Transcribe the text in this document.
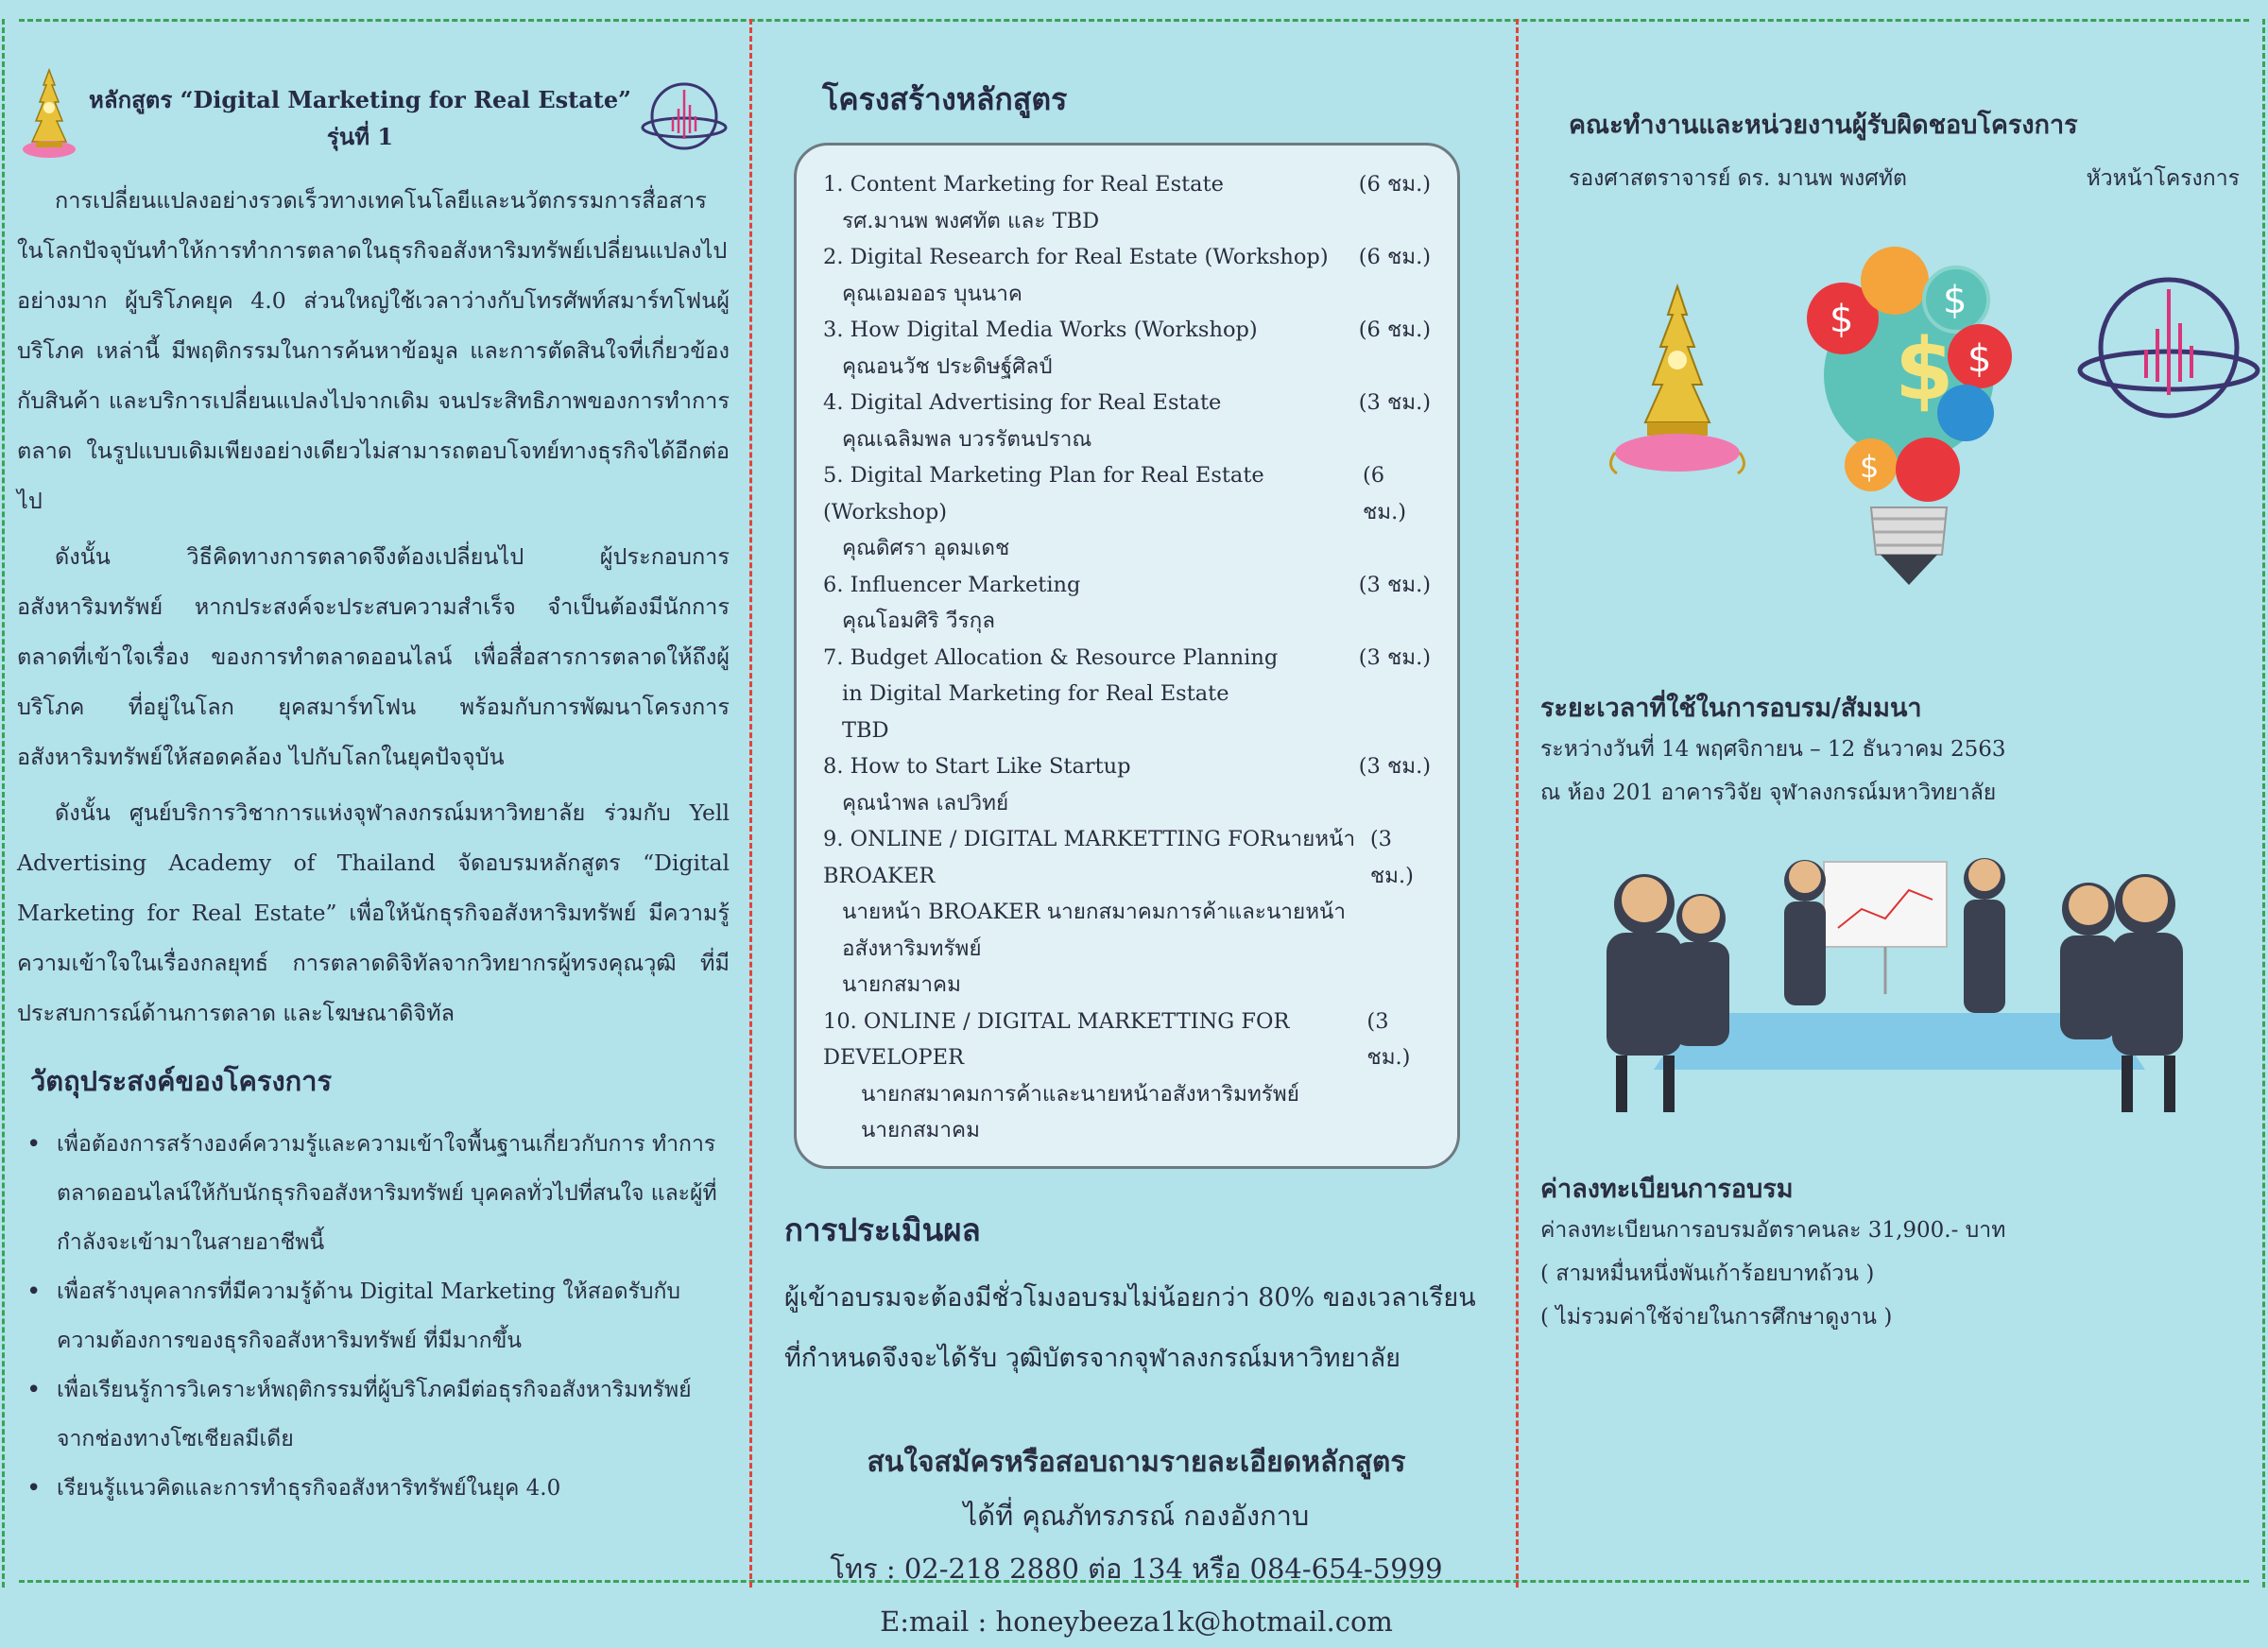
หลักสูตร “Digital Marketing for Real Estate” รุ่นที่ 1
การเปลี่ยนแปลงอย่างรวดเร็วทางเทคโนโลยีและนวัตกรรมการสื่อสาร ในโลกปัจจุบันทำให้การทำการตลาดในธุรกิจอสังหาริมทรัพย์เปลี่ยนแปลงไป อย่างมาก ผู้บริโภคยุค 4.0 ส่วนใหญ่ใช้เวลาว่างกับโทรศัพท์สมาร์ทโฟนผู้บริโภค เหล่านี้ มีพฤติกรรมในการค้นหาข้อมูล และการตัดสินใจที่เกี่ยวข้องกับสินค้า และบริการเปลี่ยนแปลงไปจากเดิม จนประสิทธิภาพของการทำการตลาด ในรูปแบบเดิมเพียงอย่างเดียวไม่สามารถตอบโจทย์ทางธุรกิจได้อีกต่อไป
ดังนั้น วิธีคิดทางการตลาดจึงต้องเปลี่ยนไป ผู้ประกอบการอสังหาริมทรัพย์ หากประสงค์จะประสบความสำเร็จ จำเป็นต้องมีนักการตลาดที่เข้าใจเรื่อง ของการทำตลาดออนไลน์ เพื่อสื่อสารการตลาดให้ถึงผู้บริโภค ที่อยู่ในโลก ยุคสมาร์ทโฟน พร้อมกับการพัฒนาโครงการอสังหาริมทรัพย์ให้สอดคล้อง ไปกับโลกในยุคปัจจุบัน
ดังนั้น ศูนย์บริการวิชาการแห่งจุฬาลงกรณ์มหาวิทยาลัย ร่วมกับ Yell Advertising Academy of Thailand จัดอบรมหลักสูตร “Digital Marketing for Real Estate” เพื่อให้นักธุรกิจอสังหาริมทรัพย์ มีความรู้ความเข้าใจในเรื่องกลยุทธ์ การตลาดดิจิทัลจากวิทยากรผู้ทรงคุณวุฒิ ที่มีประสบการณ์ด้านการตลาด และโฆษณาดิจิทัล
วัตถุประสงค์ของโครงการ
• เพื่อต้องการสร้างองค์ความรู้และความเข้าใจพื้นฐานเกี่ยวกับการ ทำการตลาดออนไลน์ให้กับนักธุรกิจอสังหาริมทรัพย์ บุคคลทั่วไปที่สนใจ และผู้ที่กำลังจะเข้ามาในสายอาชีพนี้
• เพื่อสร้างบุคลากรที่มีความรู้ด้าน Digital Marketing ให้สอดรับกับ ความต้องการของธุรกิจอสังหาริมทรัพย์ ที่มีมากขึ้น
• เพื่อเรียนรู้การวิเคราะห์พฤติกรรมที่ผู้บริโภคมีต่อธุรกิจอสังหาริมทรัพย์ จากช่องทางโซเชียลมีเดีย
• เรียนรู้แนวคิดและการทำธุรกิจอสังหาริทรัพย์ในยุค 4.0
โครงสร้างหลักสูตร
1. Content Marketing for Real Estate	(6 ชม.)
รศ.มานพ พงศทัต และ TBD
2. Digital Research for Real Estate (Workshop) (6 ชม.)
คุณเอมออร บุนนาค
3. How Digital Media Works (Workshop)	(6 ชม.)
คุณอนวัช ประดิษฐ์ศิลป์
4. Digital Advertising for Real Estate	(3 ชม.)
คุณเฉลิมพล บวรรัตนปราณ
5. Digital Marketing Plan for Real Estate (Workshop)
(6 ชม.)
คุณดิศรา อุดมเดช
6. Influencer Marketing	(3 ชม.)
คุณโอมศิริ วีรกุล
7. Budget Allocation & Resource Planning	(3 ชม.)
in Digital Marketing for Real Estate
TBD
8. How to Start Like Startup	(3 ชม.)
คุณนำพล เลปวิทย์
9. ONLINE / DIGITAL MARKETTING FORนายหน้า BROAKER
(3 ชม.)
นายหน้า BROAKER นายกสมาคมการค้าและนายหน้าอสังหาริมทรัพย์
นายกสมาคม
10. ONLINE / DIGITAL MARKETTING FOR DEVELOPER
(3 ชม.)
นายกสมาคมการค้าและนายหน้าอสังหาริมทรัพย์
นายกสมาคม
การประเมินผล
ผู้เข้าอบรมจะต้องมีชั่วโมงอบรมไม่น้อยกว่า 80% ของเวลาเรียน
ที่กำหนดจึงจะได้รับ วุฒิบัตรจากจุฬาลงกรณ์มหาวิทยาลัย
สนใจสมัครหรือสอบถามรายละเอียดหลักสูตร
ได้ที่ คุณภัทรภรณ์ กองอังกาบ
โทร : 02-218 2880 ต่อ 134 หรือ 084-654-5999
E:mail : honeybeeza1k@hotmail.com
คณะทำงานและหน่วยงานผู้รับผิดชอบโครงการ
รองศาสตราจารย์ ดร. มานพ พงศทัต	หัวหน้าโครงการ
$
$ $
$
$
ระยะเวลาที่ใช้ในการอบรม/สัมมนา
ระหว่างวันที่ 14 พฤศจิกายน – 12 ธันวาคม 2563
ณ ห้อง 201 อาคารวิจัย จุฬาลงกรณ์มหาวิทยาลัย
ค่าลงทะเบียนการอบรม
ค่าลงทะเบียนการอบรมอัตราคนละ 31,900.- บาท
( สามหมื่นหนึ่งพันเก้าร้อยบาทถ้วน )
( ไม่รวมค่าใช้จ่ายในการศึกษาดูงาน )
